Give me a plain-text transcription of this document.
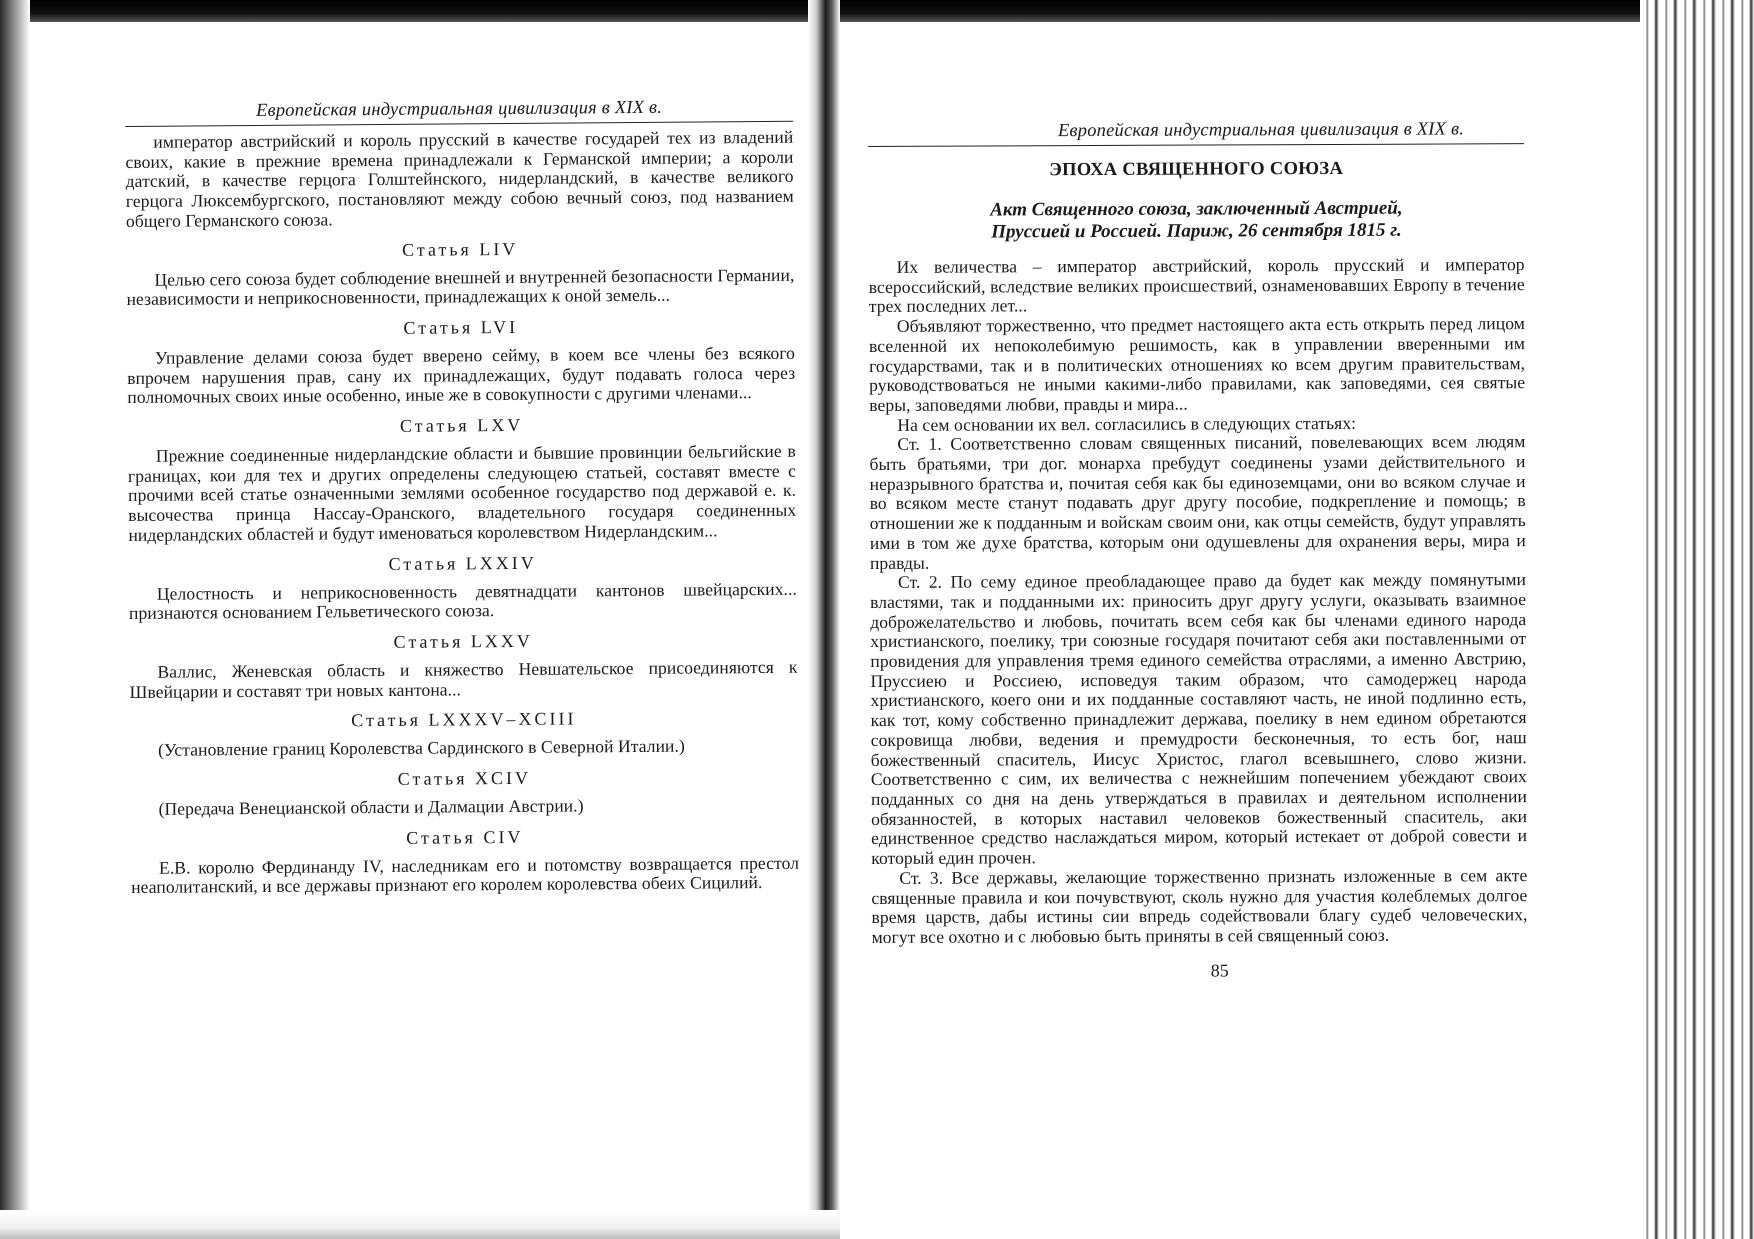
Европейская индустриальная цивилизация в XIX в.

император австрийский и король прусский в качестве государей тех из владений своих, какие в прежние времена принадлежали к Германской империи; а короли датский, в качестве герцога Голштейнского, нидерландский, в качестве великого герцога Люксембургского, постановляют между собою вечный союз, под названием общего Германского союза.

Статья LIV

Целью сего союза будет соблюдение внешней и внутренней безопасности Германии, независимости и неприкосновенности, принадлежащих к оной земель...

Статья LVI

Управление делами союза будет вверено сейму, в коем все члены без всякого впрочем нарушения прав, сану их принадлежащих, будут подавать голоса через полномочных своих иные особенно, иные же в совокупности с другими членами...

Статья LXV

Прежние соединенные нидерландские области и бывшие провинции бельгийские в границах, кои для тех и других определены следующею статьей, составят вместе с прочими всей статье означенными землями особенное государство под державой е. к. высочества принца Нассау-Оранского, владетельного государя соединенных нидерландских областей и будут именоваться королевством Нидерландским...

Статья LXXIV

Целостность и неприкосновенность девятнадцати кантонов швейцарских... признаются основанием Гельветического союза.

Статья LXXV

Валлис, Женевская область и княжество Невшательское присоединяются к Швейцарии и составят три новых кантона...

Статья LXXXV–XCIII

(Установление границ Королевства Сардинского в Северной Италии.)

Статья XCIV

(Передача Венецианской области и Далмации Австрии.)

Статья CIV

Е.В. королю Фердинанду IV, наследникам его и потомству возвращается престол неаполитанский, и все державы признают его королем королевства обеих Сицилий.

Европейская индустриальная цивилизация в XIX в.
ЭПОХА СВЯЩЕННОГО СОЮЗА
Акт Священного союза, заключенный Австрией,
Пруссией и Россией. Париж, 26 сентября 1815 г.

Их величества – император австрийский, король прусский и император всероссийский, вследствие великих происшествий, ознаменовавших Европу в течение трех последних лет...

Объявляют торжественно, что предмет настоящего акта есть открыть перед лицом вселенной их непоколебимую решимость, как в управлении вверенными им государствами, так и в политических отношениях ко всем другим правительствам, руководствоваться не иными какими-либо правилами, как заповедями, сея святые веры, заповедями любви, правды и мира...

На сем основании их вел. согласились в следующих статьях:

Ст. 1. Соответственно словам священных писаний, повелевающих всем людям быть братьями, три дог. монарха пребудут соединены узами действительного и неразрывного братства и, почитая себя как бы единоземцами, они во всяком случае и во всяком месте станут подавать друг другу пособие, подкрепление и помощь; в отношении же к подданным и войскам своим они, как отцы семейств, будут управлять ими в том же духе братства, которым они одушевлены для охранения веры, мира и правды.

Ст. 2. По сему единое преобладающее право да будет как между помянутыми властями, так и подданными их: приносить друг другу услуги, оказывать взаимное доброжелательство и любовь, почитать всем себя как бы членами единого народа христианского, поелику, три союзные государя почитают себя аки поставленными от провидения для управления тремя единого семейства отраслями, а именно Австрию, Пруссиею и Россиею, исповедуя таким образом, что самодержец народа христианского, коего они и их подданные составляют часть, не иной подлинно есть, как тот, кому собственно принадлежит держава, поелику в нем едином обретаются сокровища любви, ведения и премудрости бесконечныя, то есть бог, наш божественный спаситель, Иисус Христос, глагол всевышнего, слово жизни. Соответственно с сим, их величества с нежнейшим попечением убеждают своих подданных со дня на день утверждаться в правилах и деятельном исполнении обязанностей, в которых наставил человеков божественный спаситель, аки единственное средство наслаждаться миром, который истекает от доброй совести и который един прочен.

Ст. 3. Все державы, желающие торжественно признать изложенные в сем акте священные правила и кои почувствуют, сколь нужно для участия колеблемых долгое время царств, дабы истины сии впредь содействовали благу судеб человеческих, могут все охотно и с любовью быть приняты в сей священный союз.

85
